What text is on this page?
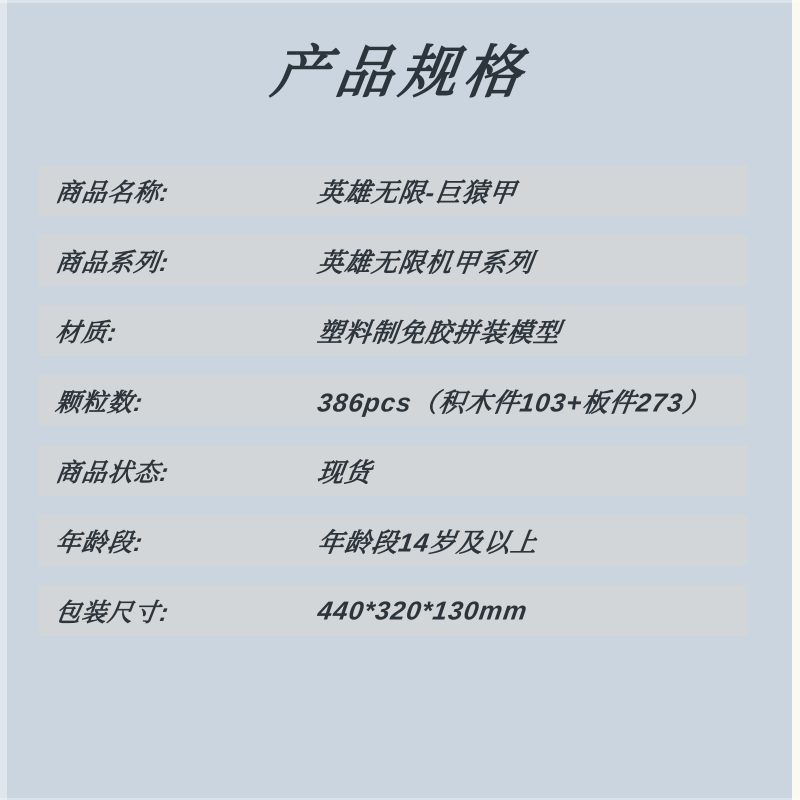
产品规格
商品名称:	英雄无限-巨猿甲
商品系列:	英雄无限机甲系列
材质:	塑料制免胶拼装模型
颗粒数:	386pcs（积木件103+板件273）
商品状态:	现货
年龄段:	年龄段14岁及以上
包装尺寸:	440*320*130mm
